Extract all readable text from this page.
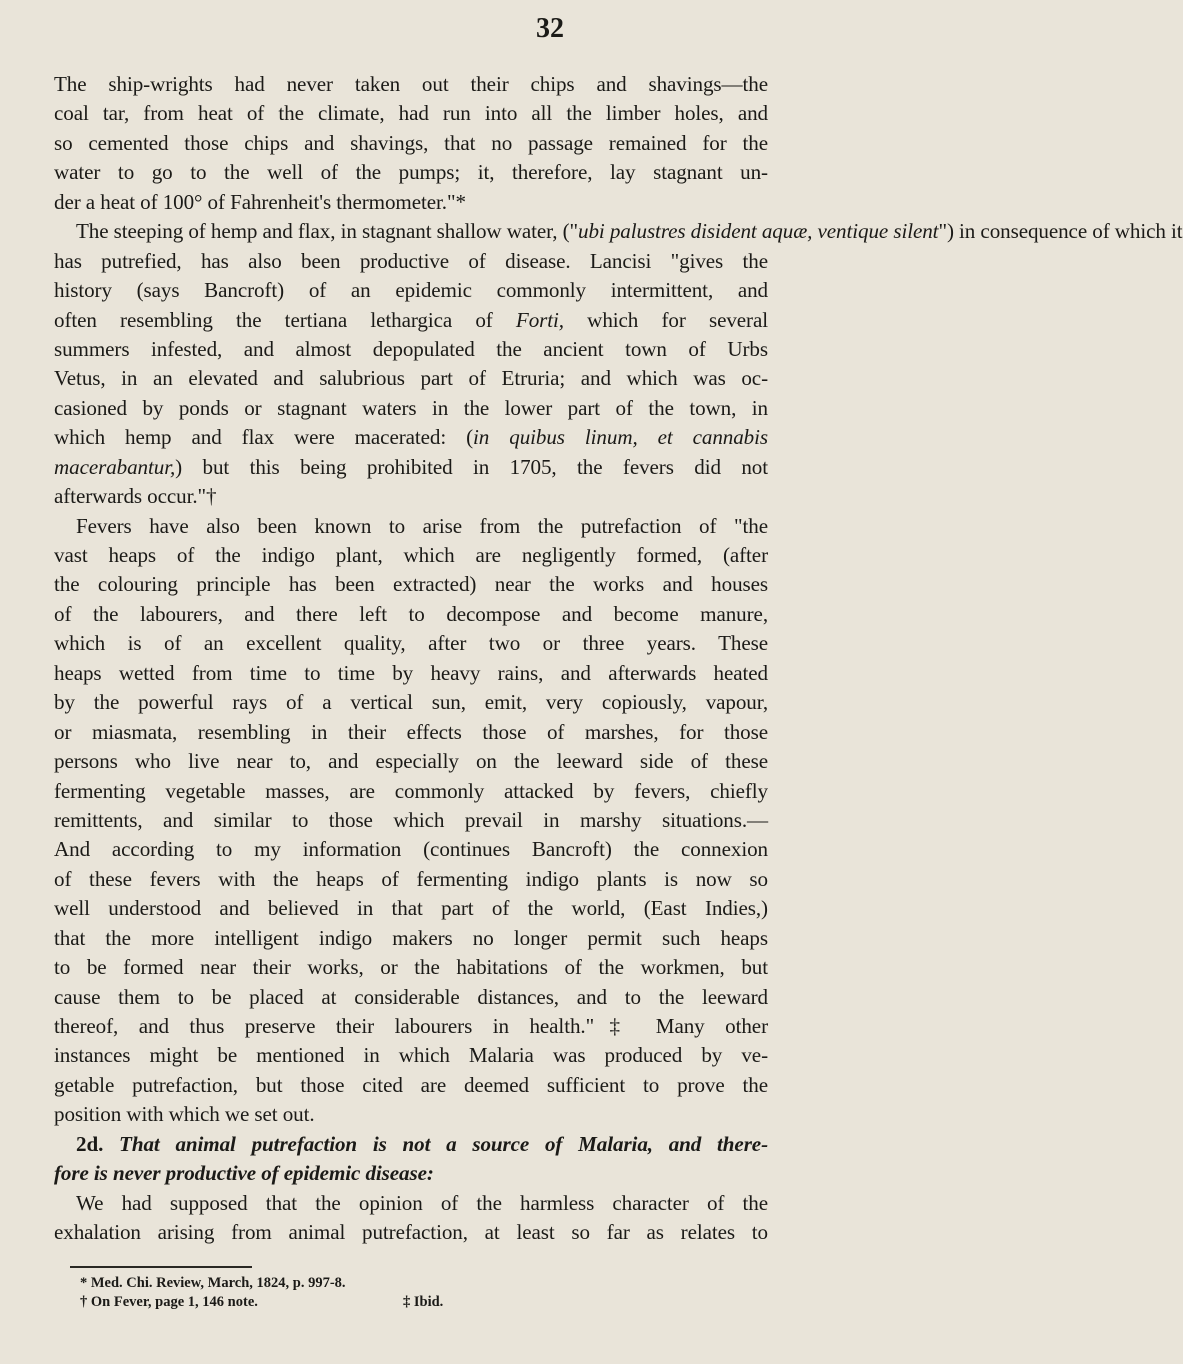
32
The ship-wrights had never taken out their chips and shavings—the
coal tar, from heat of the climate, had run into all the limber holes, and
so cemented those chips and shavings, that no passage remained for the
water to go to the well of the pumps; it, therefore, lay stagnant un-
der a heat of 100° of Fahrenheit's thermometer."*
The steeping of hemp and flax, in stagnant shallow water, ("ubi palustres disident aquæ, ventique silent") in consequence of which it
has putrefied, has also been productive of disease. Lancisi "gives the
history (says Bancroft) of an epidemic commonly intermittent, and
often resembling the tertiana lethargica of Forti, which for several
summers infested, and almost depopulated the ancient town of Urbs
Vetus, in an elevated and salubrious part of Etruria; and which was oc-
casioned by ponds or stagnant waters in the lower part of the town, in
which hemp and flax were macerated: (in quibus linum, et cannabis
macerabantur,) but this being prohibited in 1705, the fevers did not
afterwards occur."†
Fevers have also been known to arise from the putrefaction of "the
vast heaps of the indigo plant, which are negligently formed, (after
the colouring principle has been extracted) near the works and houses
of the labourers, and there left to decompose and become manure,
which is of an excellent quality, after two or three years. These
heaps wetted from time to time by heavy rains, and afterwards heated
by the powerful rays of a vertical sun, emit, very copiously, vapour,
or miasmata, resembling in their effects those of marshes, for those
persons who live near to, and especially on the leeward side of these
fermenting vegetable masses, are commonly attacked by fevers, chiefly
remittents, and similar to those which prevail in marshy situations.—
And according to my information (continues Bancroft) the connexion
of these fevers with the heaps of fermenting indigo plants is now so
well understood and believed in that part of the world, (East Indies,)
that the more intelligent indigo makers no longer permit such heaps
to be formed near their works, or the habitations of the workmen, but
cause them to be placed at considerable distances, and to the leeward
thereof, and thus preserve their labourers in health."‡ Many other
instances might be mentioned in which Malaria was produced by ve-
getable putrefaction, but those cited are deemed sufficient to prove the
position with which we set out.
2d. That animal putrefaction is not a source of Malaria, and there-
fore is never productive of epidemic disease:
We had supposed that the opinion of the harmless character of the
exhalation arising from animal putrefaction, at least so far as relates to
* Med. Chi. Review, March, 1824, p. 997-8.
† On Fever, page 1, 146 note.	‡ Ibid.
